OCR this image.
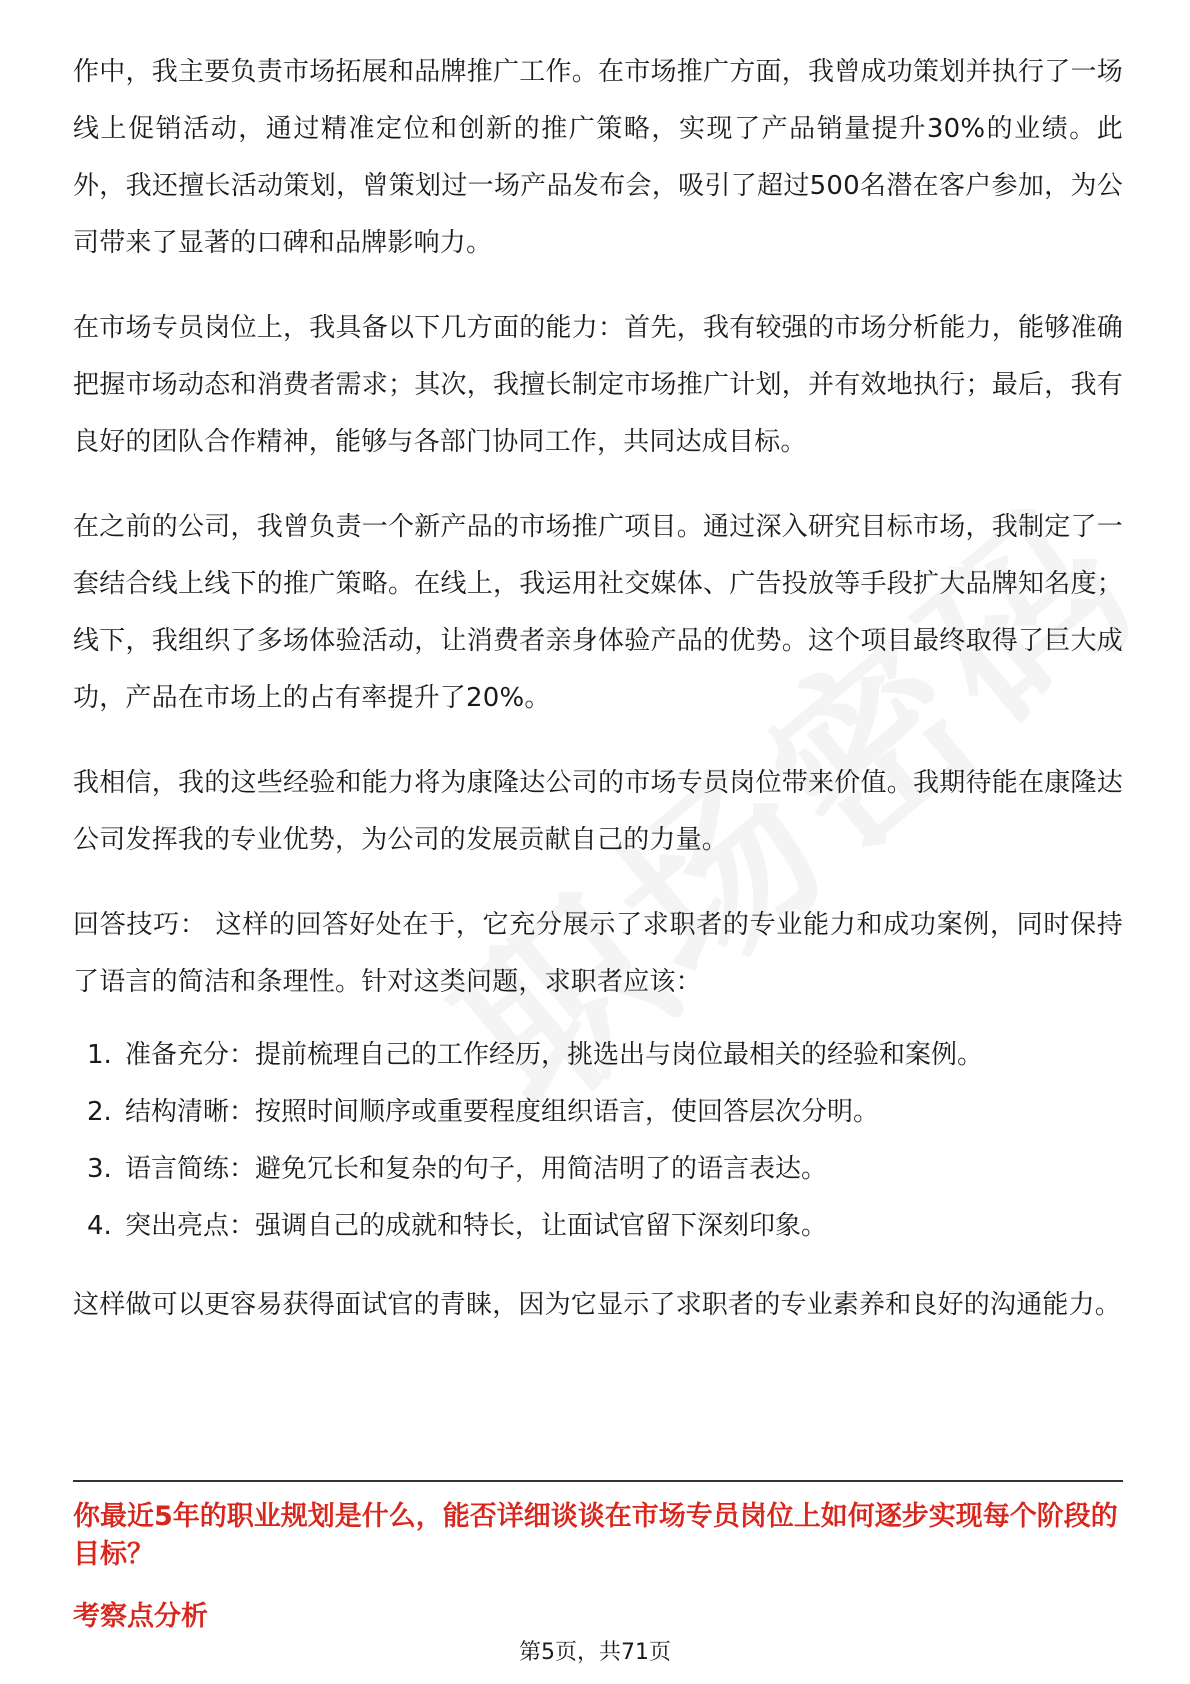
作中，我主要负责市场拓展和品牌推广工作。在市场推广方面，我曾成功策划并执行了一场线上促销活动，通过精准定位和创新的推广策略，实现了产品销量提升30%的业绩。此外，我还擅长活动策划，曾策划过一场产品发布会，吸引了超过500名潜在客户参加，为公司带来了显著的口碑和品牌影响力。

在市场专员岗位上，我具备以下几方面的能力：首先，我有较强的市场分析能力，能够准确把握市场动态和消费者需求；其次，我擅长制定市场推广计划，并有效地执行；最后，我有良好的团队合作精神，能够与各部门协同工作，共同达成目标。

在之前的公司，我曾负责一个新产品的市场推广项目。通过深入研究目标市场，我制定了一套结合线上线下的推广策略。在线上，我运用社交媒体、广告投放等手段扩大品牌知名度；线下，我组织了多场体验活动，让消费者亲身体验产品的优势。这个项目最终取得了巨大成功，产品在市场上的占有率提升了20%。

我相信，我的这些经验和能力将为康隆达公司的市场专员岗位带来价值。我期待能在康隆达公司发挥我的专业优势，为公司的发展贡献自己的力量。

回答技巧： 这样的回答好处在于，它充分展示了求职者的专业能力和成功案例，同时保持了语言的简洁和条理性。针对这类问题，求职者应该：

1. 准备充分：提前梳理自己的工作经历，挑选出与岗位最相关的经验和案例。
2. 结构清晰：按照时间顺序或重要程度组织语言，使回答层次分明。
3. 语言简练：避免冗长和复杂的句子，用简洁明了的语言表达。
4. 突出亮点：强调自己的成就和特长，让面试官留下深刻印象。

这样做可以更容易获得面试官的青睐，因为它显示了求职者的专业素养和良好的沟通能力。

你最近5年的职业规划是什么，能否详细谈谈在市场专员岗位上如何逐步实现每个阶段的目标？

考察点分析

第5页，共71页
